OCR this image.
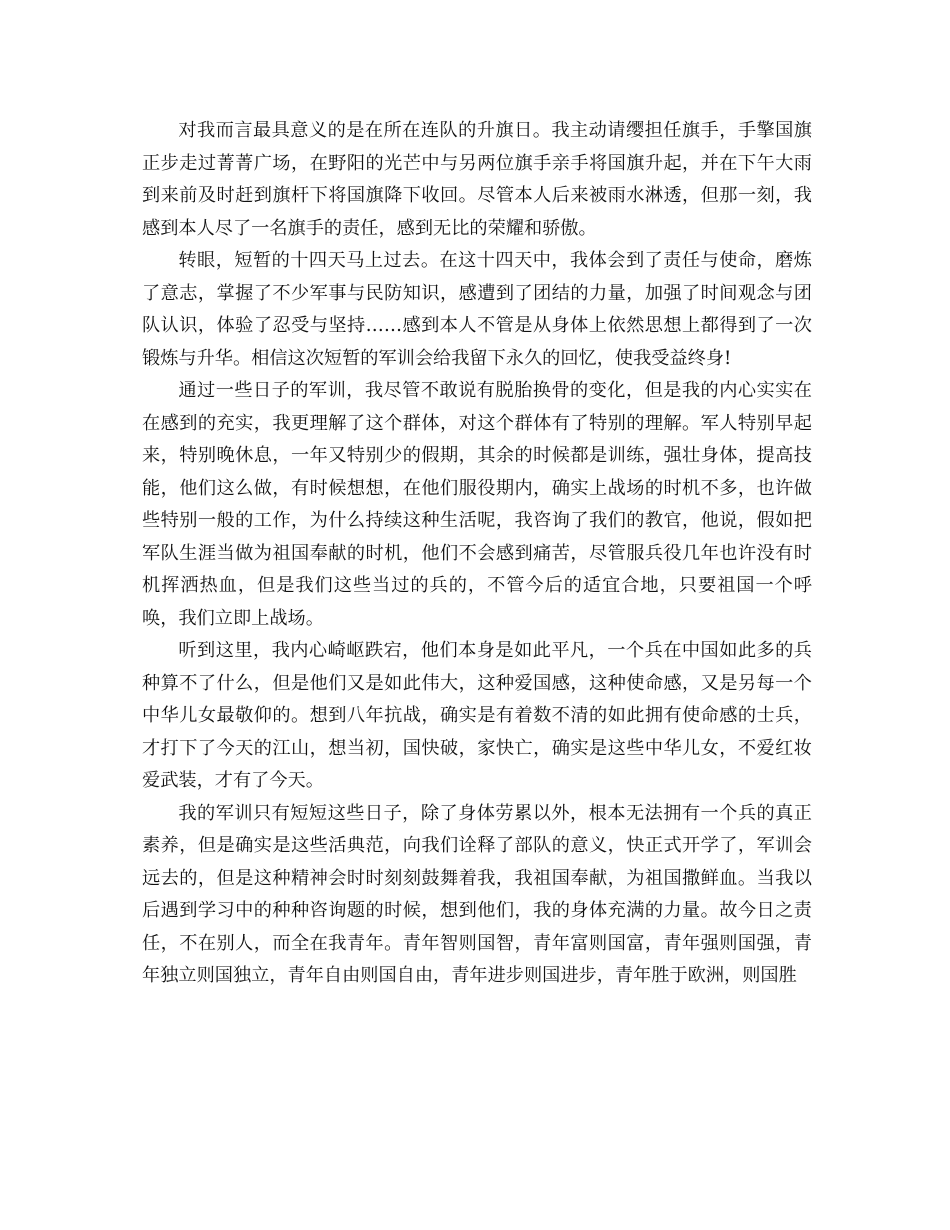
对我而言最具意义的是在所在连队的升旗日。我主动请缨担任旗手，手擎国旗正步走过菁菁广场，在野阳的光芒中与另两位旗手亲手将国旗升起，并在下午大雨到来前及时赶到旗杆下将国旗降下收回。尽管本人后来被雨水淋透，但那一刻，我感到本人尽了一名旗手的责任，感到无比的荣耀和骄傲。

转眼，短暂的十四天马上过去。在这十四天中，我体会到了责任与使命，磨炼了意志，掌握了不少军事与民防知识，感遭到了团结的力量，加强了时间观念与团队认识，体验了忍受与坚持……感到本人不管是从身体上依然思想上都得到了一次锻炼与升华。相信这次短暂的军训会给我留下永久的回忆，使我受益终身!

通过一些日子的军训，我尽管不敢说有脱胎换骨的变化，但是我的内心实实在在感到的充实，我更理解了这个群体，对这个群体有了特别的理解。军人特别早起来，特别晚休息，一年又特别少的假期，其余的时候都是训练，强壮身体，提高技能，他们这么做，有时候想想，在他们服役期内，确实上战场的时机不多，也许做些特别一般的工作，为什么持续这种生活呢，我咨询了我们的教官，他说，假如把军队生涯当做为祖国奉献的时机，他们不会感到痛苦，尽管服兵役几年也许没有时机挥洒热血，但是我们这些当过的兵的，不管今后的适宜合地，只要祖国一个呼唤，我们立即上战场。

听到这里，我内心崎岖跌宕，他们本身是如此平凡，一个兵在中国如此多的兵种算不了什么，但是他们又是如此伟大，这种爱国感，这种使命感，又是另每一个中华儿女最敬仰的。想到八年抗战，确实是有着数不清的如此拥有使命感的士兵，才打下了今天的江山，想当初，国快破，家快亡，确实是这些中华儿女，不爱红妆爱武装，才有了今天。

我的军训只有短短这些日子，除了身体劳累以外，根本无法拥有一个兵的真正素养，但是确实是这些活典范，向我们诠释了部队的意义，快正式开学了，军训会远去的，但是这种精神会时时刻刻鼓舞着我，我祖国奉献，为祖国撒鲜血。当我以后遇到学习中的种种咨询题的时候，想到他们，我的身体充满的力量。故今日之责任，不在别人，而全在我青年。青年智则国智，青年富则国富，青年强则国强，青年独立则国独立，青年自由则国自由，青年进步则国进步，青年胜于欧洲，则国胜
